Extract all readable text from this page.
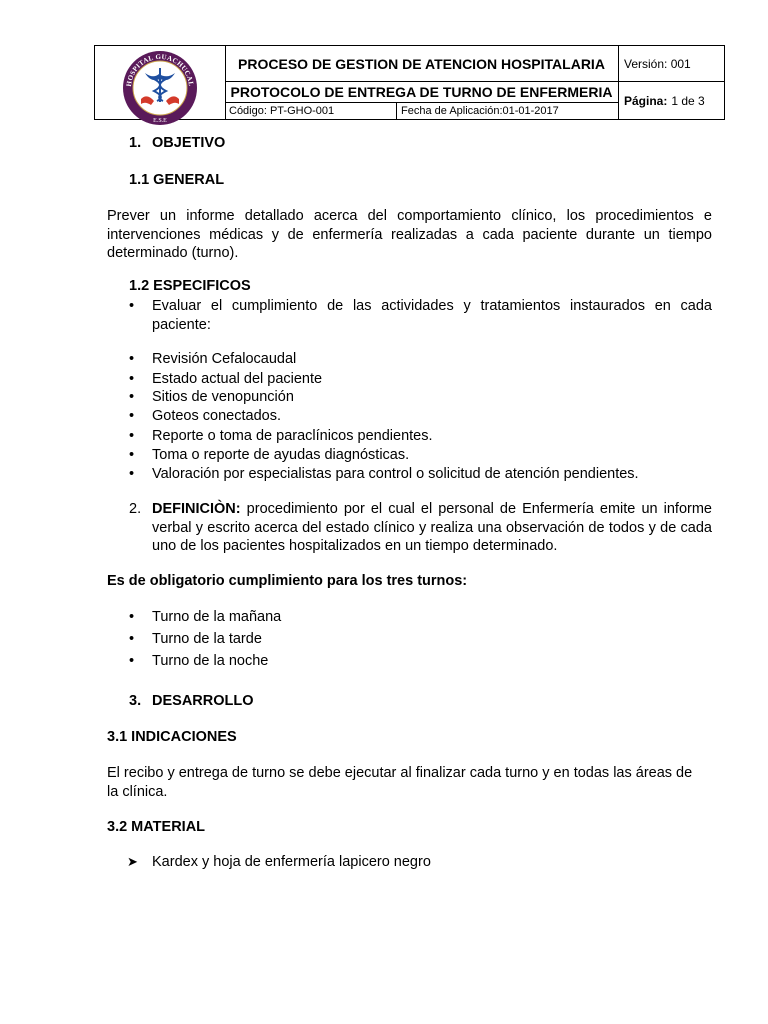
HOSPITAL GUACHUCAL
E.S.E
PROCESO DE GESTION DE ATENCION HOSPITALARIA
PROTOCOLO DE ENTREGA DE TURNO DE ENFERMERIA
Código: PT-GHO-001	Fecha de Aplicación:01-01-2017
Versión: 001
Página: 1 de 3
1. OBJETIVO
1.1 GENERAL
Prever un informe detallado acerca del comportamiento clínico, los procedimientos e intervenciones médicas y de enfermería realizadas a cada paciente durante un tiempo determinado (turno).
1.2 ESPECIFICOS
• Evaluar el cumplimiento de las actividades y tratamientos instaurados en cada paciente:
• Revisión Cefalocaudal
• Estado actual del paciente
• Sitios de venopunción
• Goteos conectados.
• Reporte o toma de paraclínicos pendientes.
• Toma o reporte de ayudas diagnósticas.
• Valoración por especialistas para control o solicitud de atención pendientes.
2. DEFINICIÒN: procedimiento por el cual el personal de Enfermería emite un informe verbal y escrito acerca del estado clínico y realiza una observación de todos y de cada uno de los pacientes hospitalizados en un tiempo determinado.
Es de obligatorio cumplimiento para los tres turnos:
• Turno de la mañana
• Turno de la tarde
• Turno de la noche
3. DESARROLLO
3.1 INDICACIONES
El recibo y entrega de turno se debe ejecutar al finalizar cada turno y en todas las áreas de la clínica.
3.2 MATERIAL
➤ Kardex y hoja de enfermería lapicero negro
